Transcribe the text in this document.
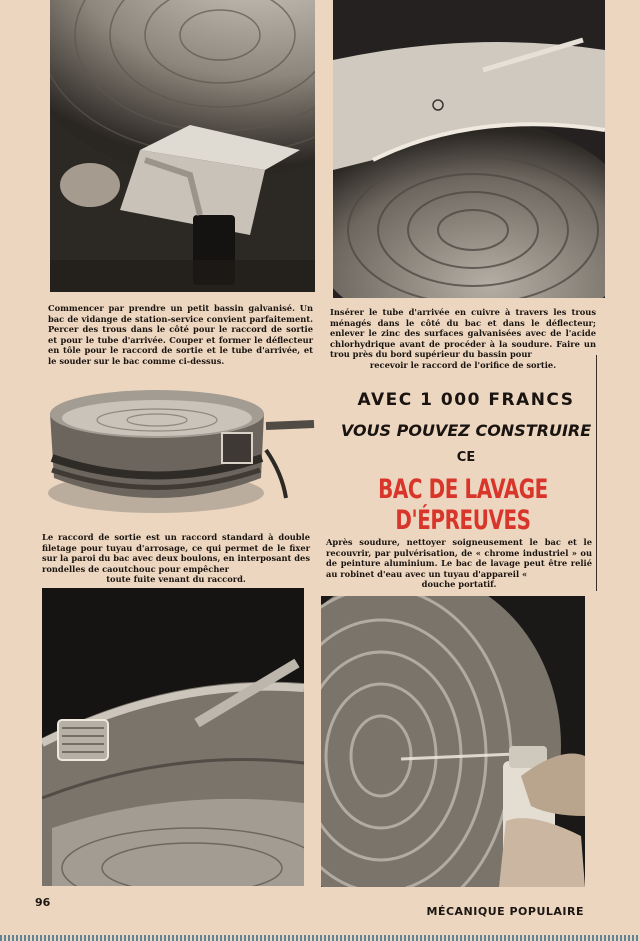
Commencer par prendre un petit bassin galvanisé. Un bac de vidange de station-service convient parfaitement. Percer des trous dans le côté pour le raccord de sortie et pour le tube d'arrivée. Couper et former le déflecteur en tôle pour le raccord de sortie et le tube d'arrivée, et le souder sur le bac comme ci-dessus.

Insérer le tube d'arrivée en cuivre à travers les trous ménagés dans le côté du bac et dans le déflecteur; enlever le zinc des surfaces galvanisées avec de l'acide chlorhydrique avant de procéder à la soudure. Faire un trou près du bord supérieur du bassin pour
recevoir le raccord de l'orifice de sortie.

AVEC 1 000 FRANCS
VOUS POUVEZ CONSTRUIRE
CE
BAC DE LAVAGE D'ÉPREUVES

Le raccord de sortie est un raccord standard à double filetage pour tuyau d'arrosage, ce qui permet de le fixer sur la paroi du bac avec deux boulons, en interposant des rondelles de caoutchouc pour empêcher
toute fuite venant du raccord.

Après soudure, nettoyer soigneusement le bac et le recouvrir, par pulvérisation, de « chrome industriel » ou de peinture aluminium. Le bac de lavage peut être relié au robinet d'eau avec un tuyau d'appareil «
douche portatif.

96
MÉCANIQUE POPULAIRE
